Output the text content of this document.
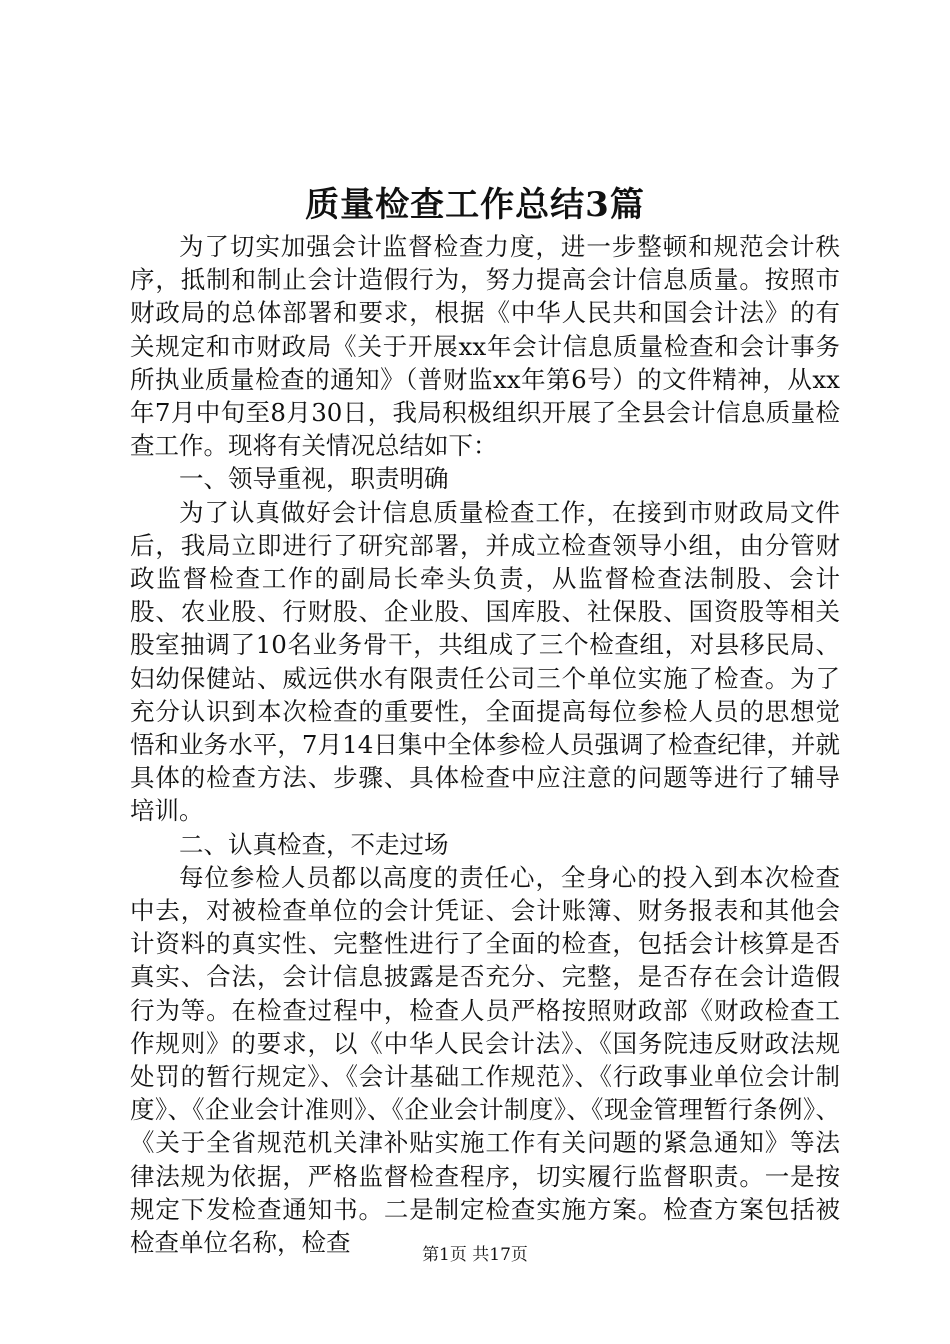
质量检查工作总结3篇

为了切实加强会计监督检查力度，进一步整顿和规范会计秩序，抵制和制止会计造假行为，努力提高会计信息质量。按照市财政局的总体部署和要求，根据《中华人民共和国会计法》的有关规定和市财政局《关于开展xx年会计信息质量检查和会计事务所执业质量检查的通知》（普财监xx年第6号）的文件精神，从xx年7月中旬至8月30日，我局积极组织开展了全县会计信息质量检查工作。现将有关情况总结如下：

一、领导重视，职责明确

为了认真做好会计信息质量检查工作，在接到市财政局文件后，我局立即进行了研究部署，并成立检查领导小组，由分管财政监督检查工作的副局长牵头负责，从监督检查法制股、会计股、农业股、行财股、企业股、国库股、社保股、国资股等相关股室抽调了10名业务骨干，共组成了三个检查组，对县移民局、妇幼保健站、威远供水有限责任公司三个单位实施了检查。为了充分认识到本次检查的重要性，全面提高每位参检人员的思想觉悟和业务水平，7月14日集中全体参检人员强调了检查纪律，并就具体的检查方法、步骤、具体检查中应注意的问题等进行了辅导培训。

二、认真检查，不走过场

每位参检人员都以高度的责任心，全身心的投入到本次检查中去，对被检查单位的会计凭证、会计账簿、财务报表和其他会计资料的真实性、完整性进行了全面的检查，包括会计核算是否真实、合法，会计信息披露是否充分、完整，是否存在会计造假行为等。在检查过程中，检查人员严格按照财政部《财政检查工作规则》的要求，以《中华人民会计法》、《国务院违反财政法规处罚的暂行规定》、《会计基础工作规范》、《行政事业单位会计制度》、《企业会计准则》、《企业会计制度》、《现金管理暂行条例》、《关于全省规范机关津补贴实施工作有关问题的紧急通知》等法律法规为依据，严格监督检查程序，切实履行监督职责。一是按规定下发检查通知书。二是制定检查实施方案。检查方案包括被检查单位名称，检查	第1页 共17页
